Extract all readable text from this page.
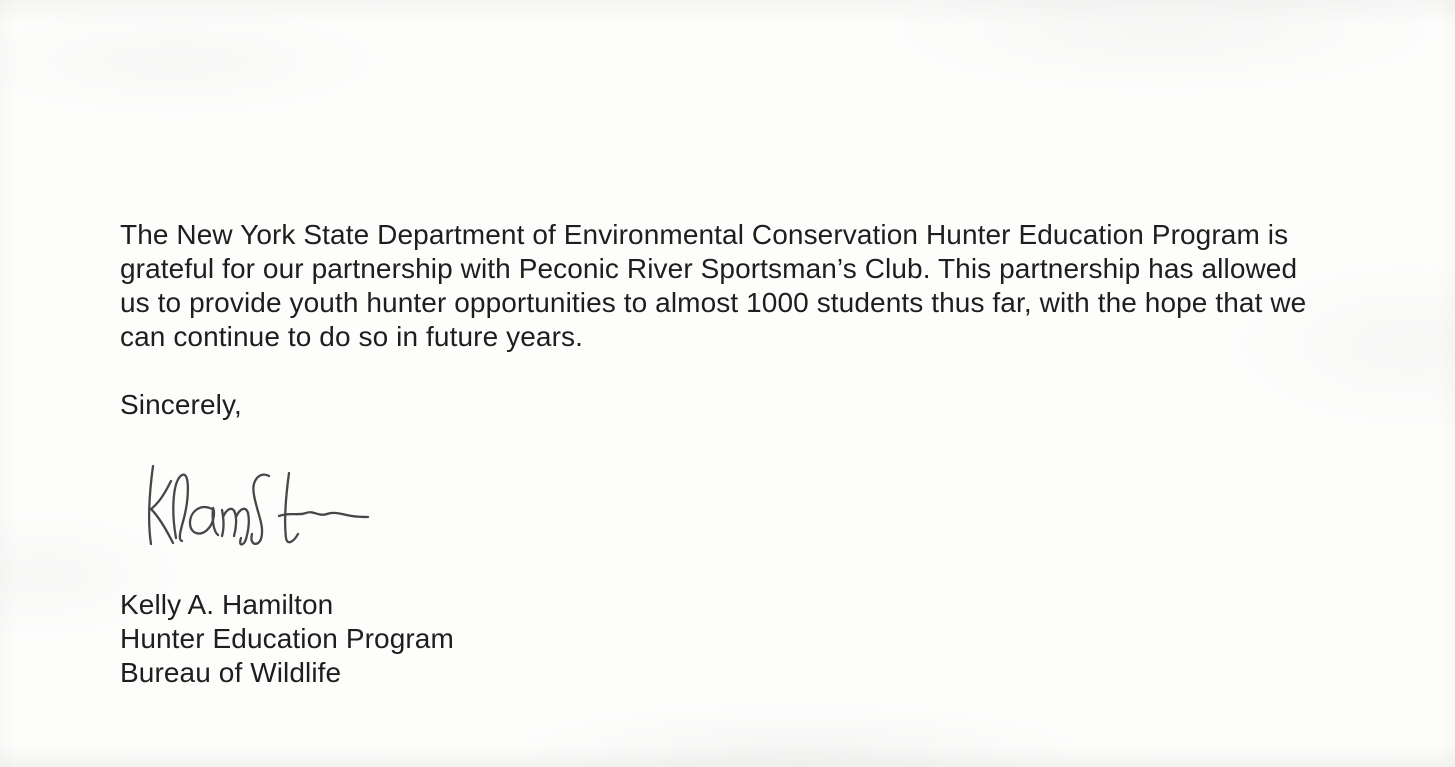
The New York State Department of Environmental Conservation Hunter Education Program is
grateful for our partnership with Peconic River Sportsman’s Club. This partnership has allowed
us to provide youth hunter opportunities to almost 1000 students thus far, with the hope that we
can continue to do so in future years.
Sincerely,
Kelly A. Hamilton
Hunter Education Program
Bureau of Wildlife
